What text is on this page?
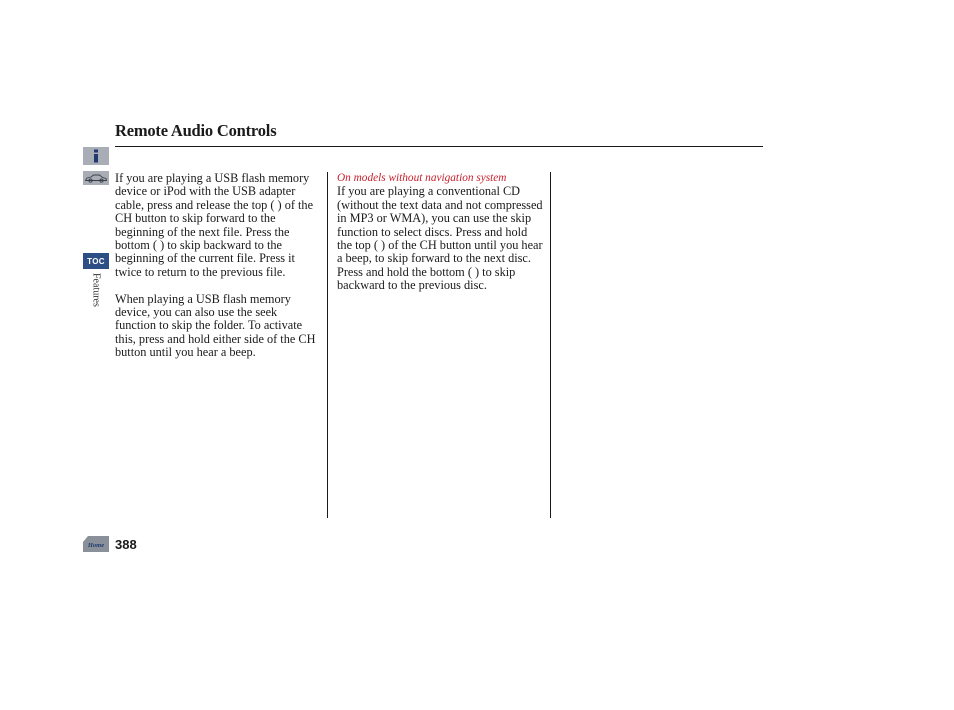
Remote Audio Controls
TOC
Features

If you are playing a USB flash memory device or iPod with the USB adapter cable, press and release the top ( ) of the CH button to skip forward to the beginning of the next file. Press the bottom ( ) to skip backward to the beginning of the current file. Press it twice to return to the previous file.

When playing a USB flash memory device, you can also use the seek function to skip the folder. To activate this, press and hold either side of the CH button until you hear a beep.

On models without navigation system

If you are playing a conventional CD (without the text data and not compressed in MP3 or WMA), you can use the skip function to select discs. Press and hold the top ( ) of the CH button until you hear a beep, to skip forward to the next disc. Press and hold the bottom ( ) to skip backward to the previous disc.

Home 388
